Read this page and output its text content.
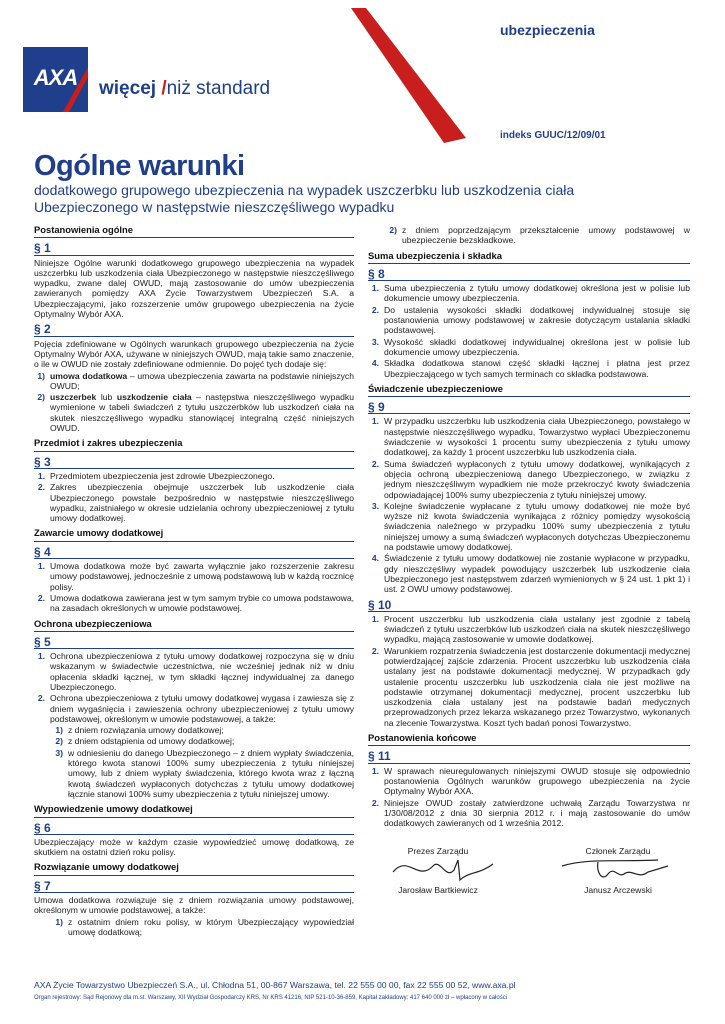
ubezpieczenia
AXA	więcej /niż standard
indeks GUUC/12/09/01
Ogólne warunki
dodatkowego grupowego ubezpieczenia na wypadek uszczerbku lub uszkodzenia ciała Ubezpieczonego w następstwie nieszczęśliwego wypadku
Postanowienia ogólne
§ 1
Niniejsze Ogólne warunki dodatkowego grupowego ubezpieczenia na wypadek uszczerbku lub uszkodzenia ciała Ubezpieczonego w następstwie nieszczęśliwego wypadku, zwane dalej OWUD, mają zastosowanie do umów ubezpieczenia zawieranych pomiędzy AXA Życie Towarzystwem Ubezpieczeń S.A. a Ubezpieczającymi, jako rozszerzenie umów grupowego ubezpieczenia na życie Optymalny Wybór AXA.
§ 2
Pojęcia zdefiniowane w Ogólnych warunkach grupowego ubezpieczenia na życie Optymalny Wybór AXA, używane w niniejszych OWUD, mają takie samo znaczenie, o ile w OWUD nie zostały zdefiniowane odmiennie. Do pojęć tych dodaje się:
1) umowa dodatkowa – umowa ubezpieczenia zawarta na podstawie niniejszych OWUD;
2) uszczerbek lub uszkodzenie ciała – następstwa nieszczęśliwego wypadku wymienione w tabeli świadczeń z tytułu uszczerbków lub uszkodzeń ciała na skutek nieszczęśliwego wypadku stanowiącej integralną część niniejszych OWUD.
Przedmiot i zakres ubezpieczenia
§ 3
1. Przedmiotem ubezpieczenia jest zdrowie Ubezpieczonego.
2. Zakres ubezpieczenia obejmuje uszczerbek lub uszkodzenie ciała Ubezpieczonego powstałe bezpośrednio w następstwie nieszczęśliwego wypadku, zaistniałego w okresie udzielania ochrony ubezpieczeniowej z tytułu umowy dodatkowej.
Zawarcie umowy dodatkowej
§ 4
1. Umowa dodatkowa może być zawarta wyłącznie jako rozszerzenie zakresu umowy podstawowej, jednocześnie z umową podstawową lub w każdą rocznicę polisy.
2. Umowa dodatkowa zawierana jest w tym samym trybie co umowa podstawowa, na zasadach określonych w umowie podstawowej.
Ochrona ubezpieczeniowa
§ 5
1. Ochrona ubezpieczeniowa z tytułu umowy dodatkowej rozpoczyna się w dniu wskazanym w świadectwie uczestnictwa, nie wcześniej jednak niż w dniu opłacenia składki łącznej, w tym składki łącznej indywidualnej za danego Ubezpieczonego.
2. Ochrona ubezpieczeniowa z tytułu umowy dodatkowej wygasa i zawiesza się z dniem wygaśnięcia i zawieszenia ochrony ubezpieczeniowej z tytułu umowy podstawowej, określonym w umowie podstawowej, a także:
1) z dniem rozwiązania umowy dodatkowej;
2) z dniem odstąpienia od umowy dodatkowej;
3) w odniesieniu do danego Ubezpieczonego – z dniem wypłaty świadczenia, którego kwota stanowi 100% sumy ubezpieczenia z tytułu niniejszej umowy, lub z dniem wypłaty świadczenia, którego kwota wraz z łączną kwotą świadczeń wypłaconych dotychczas z tytułu umowy dodatkowej łącznie stanowi 100% sumy ubezpieczenia z tytułu niniejszej umowy.
Wypowiedzenie umowy dodatkowej
§ 6
Ubezpieczający może w każdym czasie wypowiedzieć umowę dodatkową, ze skutkiem na ostatni dzień roku polisy.
Rozwiązanie umowy dodatkowej
§ 7
Umowa dodatkowa rozwiązuje się z dniem rozwiązania umowy podstawowej, określonym w umowie podstawowej, a także:
1) z ostatnim dniem roku polisy, w którym Ubezpieczający wypowiedział umowę dodatkową;
2) z dniem poprzedzającym przekształcenie umowy podstawowej w ubezpieczenie bezskładkowe.
Suma ubezpieczenia i składka
§ 8
1. Suma ubezpieczenia z tytułu umowy dodatkowej określona jest w polisie lub dokumencie umowy ubezpieczenia.
2. Do ustalenia wysokości składki dodatkowej indywidualnej stosuje się postanowienia umowy podstawowej w zakresie dotyczącym ustalania składki podstawowej.
3. Wysokość składki dodatkowej indywidualnej określona jest w polisie lub dokumencie umowy ubezpieczenia.
4. Składka dodatkowa stanowi część składki łącznej i płatna jest przez Ubezpieczającego w tych samych terminach co składka podstawowa.
Świadczenie ubezpieczeniowe
§ 9
1. W przypadku uszczerbku lub uszkodzenia ciała Ubezpieczonego, powstałego w następstwie nieszczęśliwego wypadku, Towarzystwo wypłaci Ubezpieczonemu świadczenie w wysokości 1 procentu sumy ubezpieczenia z tytułu umowy dodatkowej, za każdy 1 procent uszczerbku lub uszkodzenia ciała.
2. Suma świadczeń wypłaconych z tytułu umowy dodatkowej, wynikających z objęcia ochroną ubezpieczeniową danego Ubezpieczonego, w związku z jednym nieszczęśliwym wypadkiem nie może przekroczyć kwoty świadczenia odpowiadającej 100% sumy ubezpieczenia z tytułu niniejszej umowy.
3. Kolejne świadczenie wypłacane z tytułu umowy dodatkowej nie może być wyższe niż kwota świadczenia wynikająca z różnicy pomiędzy wysokością świadczenia należnego w przypadku 100% sumy ubezpieczenia z tytułu niniejszej umowy a sumą świadczeń wypłaconych dotychczas Ubezpieczonemu na podstawie umowy dodatkowej.
4. Świadczenie z tytułu umowy dodatkowej nie zostanie wypłacone w przypadku, gdy nieszczęśliwy wypadek powodujący uszczerbek lub uszkodzenie ciała Ubezpieczonego jest następstwem zdarzeń wymienionych w § 24 ust. 1 pkt 1) i ust. 2 OWU umowy podstawowej.
§ 10
1. Procent uszczerbku lub uszkodzenia ciała ustalany jest zgodnie z tabelą świadczeń z tytułu uszczerbków lub uszkodzeń ciała na skutek nieszczęśliwego wypadku, mającą zastosowanie w umowie dodatkowej.
2. Warunkiem rozpatrzenia świadczenia jest dostarczenie dokumentacji medycznej potwierdzającej zajście zdarzenia. Procent uszczerbku lub uszkodzenia ciała ustalany jest na podstawie dokumentacji medycznej. W przypadkach gdy ustalenie procentu uszczerbku lub uszkodzenia ciała nie jest możliwe na podstawie otrzymanej dokumentacji medycznej, procent uszczerbku lub uszkodzenia ciała ustalany jest na podstawie badań medycznych przeprowadzonych przez lekarza wskazanego przez Towarzystwo, wykonanych na zlecenie Towarzystwa. Koszt tych badań ponosi Towarzystwo.
Postanowienia końcowe
§ 11
1. W sprawach nieuregulowanych niniejszymi OWUD stosuje się odpowiednio postanowienia Ogólnych warunków grupowego ubezpieczenia na życie Optymalny Wybór AXA.
2. Niniejsze OWUD zostały zatwierdzone uchwałą Zarządu Towarzystwa nr 1/30/08/2012 z dnia 30 sierpnia 2012 r. i mają zastosowanie do umów dodatkowych zawieranych od 1 września 2012.
Prezes Zarządu
Jarosław Bartkiewicz
Członek Zarządu
Janusz Arczewski
AXA Życie Towarzystwo Ubezpieczeń S.A., ul. Chłodna 51, 00-867 Warszawa, tel. 22 555 00 00, fax 22 555 00 52, www.axa.pl
Organ rejestrowy: Sąd Rejonowy dla m.st. Warszawy, XII Wydział Gospodarczy KRS, Nr KRS 41216, NIP 521-10-36-859, Kapitał zakładowy: 417 640 000 zł – wpłacony w całości
